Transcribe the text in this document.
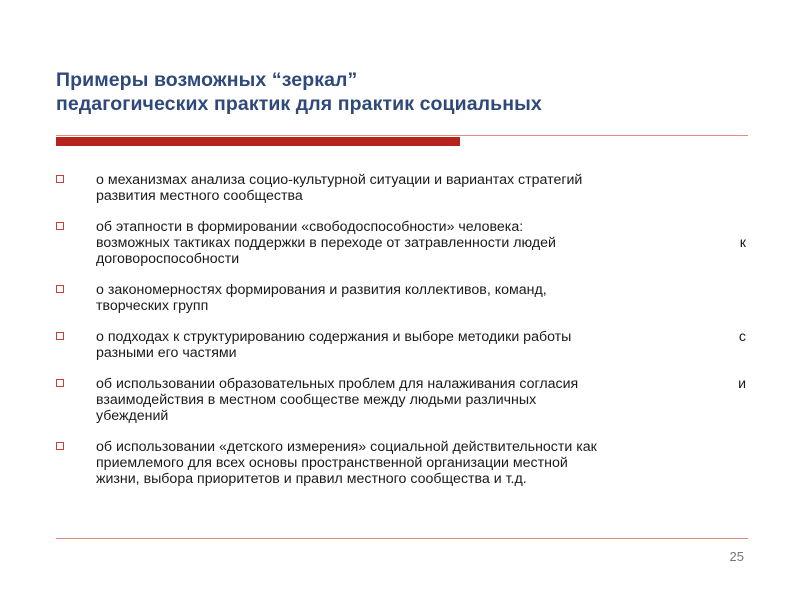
Примеры возможных “зеркал”
педагогических практик для практик социальных
о механизмах анализа социо-культурной ситуации и вариантах стратегий
развития местного сообщества
об этапности в формировании «свободоспособности» человека:
возможных тактиках поддержки в переходе от затравленности людей	к
договороспособности
о закономерностях формирования и развития коллективов, команд,
творческих групп
о подходах к структурированию содержания и выборе методики работы	с
разными его частями
об использовании образовательных проблем для налаживания согласия	и
взаимодействия в местном сообществе между людьми различных
убеждений
об использовании «детского измерения» социальной действительности как
приемлемого для всех основы пространственной организации местной
жизни, выбора приоритетов и правил местного сообщества и т.д.
25
